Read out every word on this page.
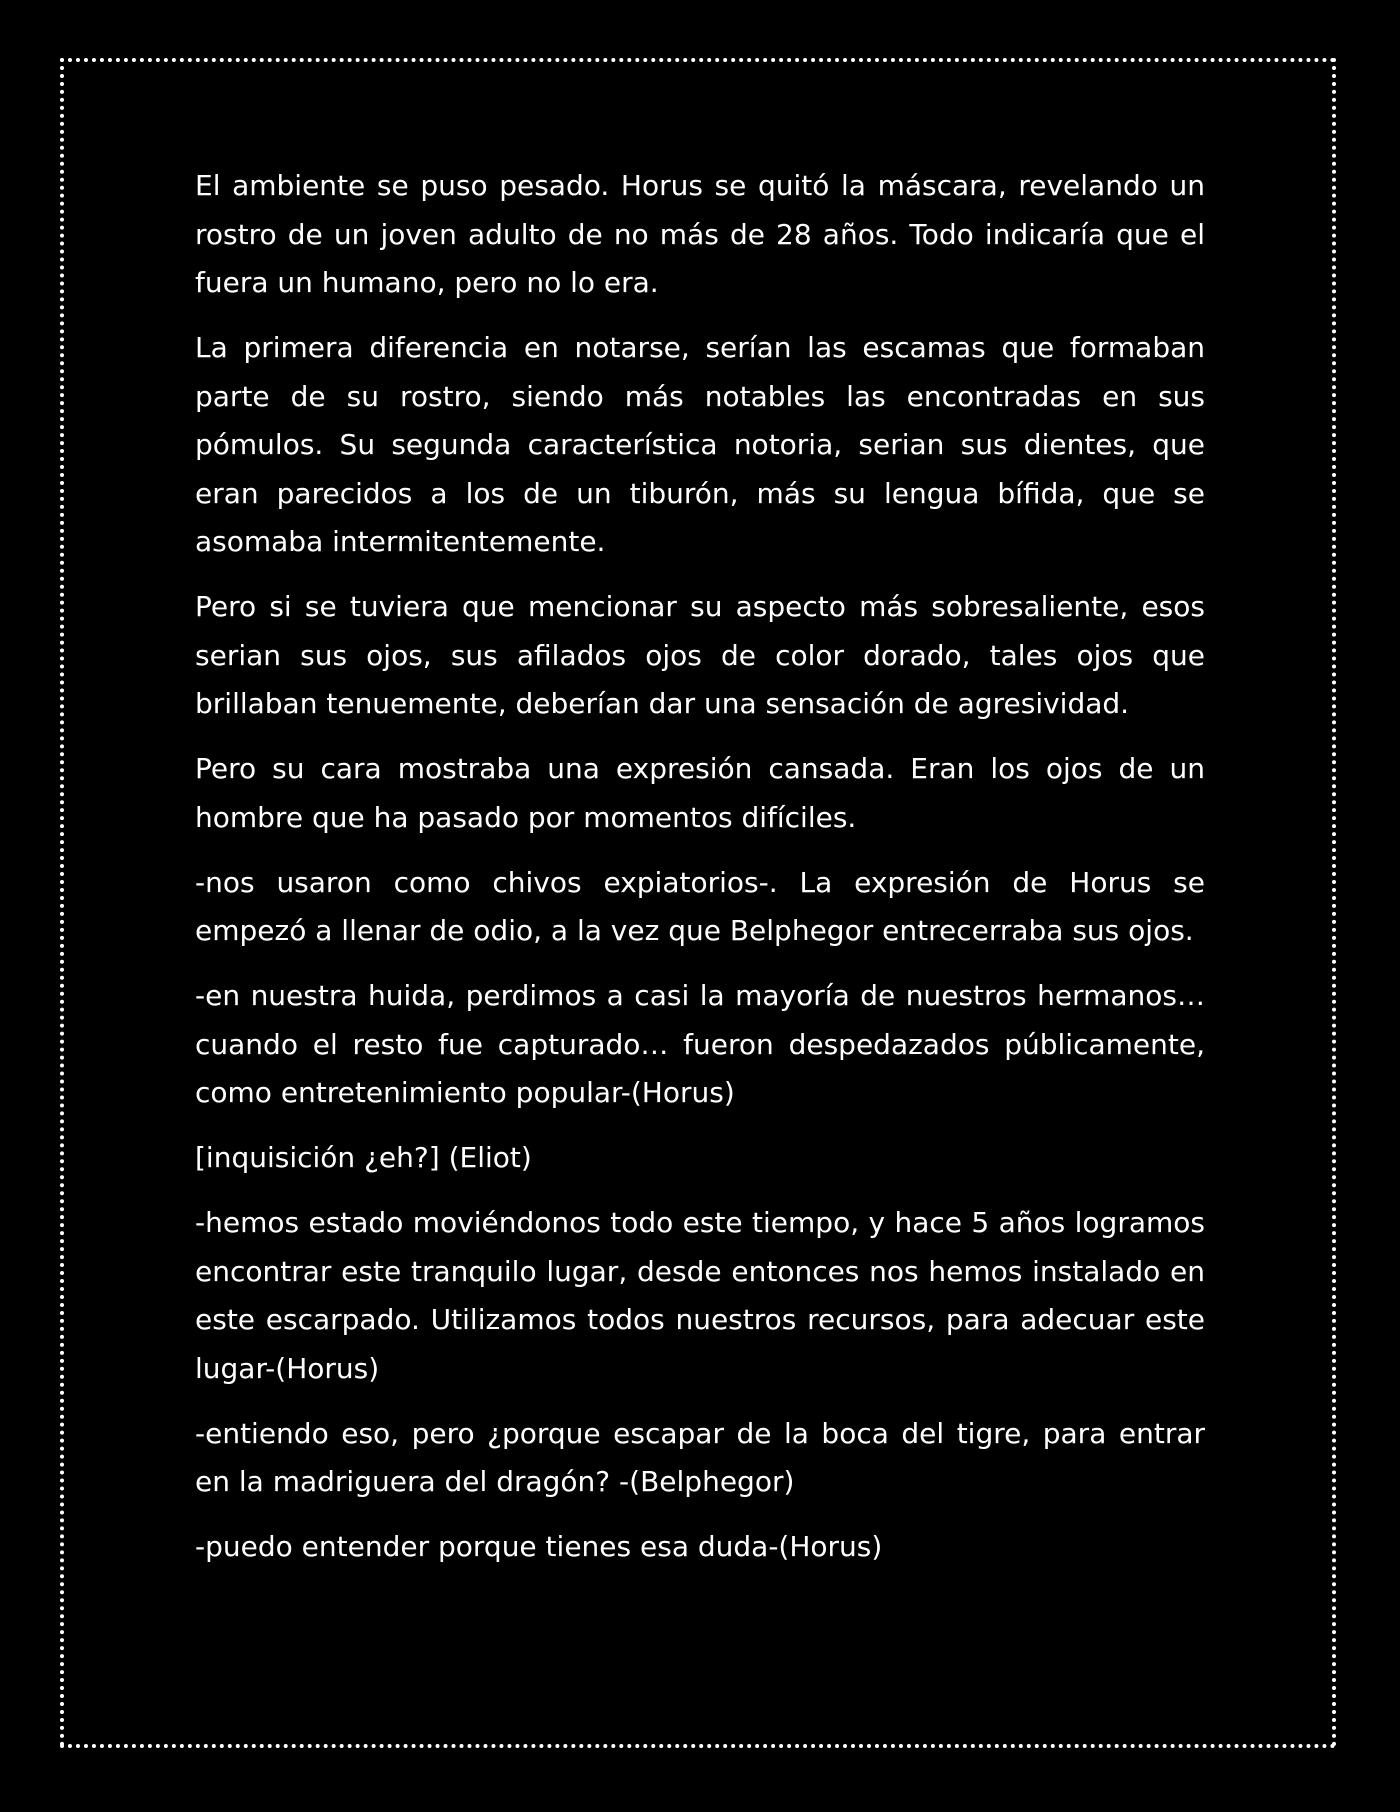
El ambiente se puso pesado. Horus se quitó la máscara, revelando un rostro de un joven adulto de no más de 28 años. Todo indicaría que el fuera un humano, pero no lo era.

La primera diferencia en notarse, serían las escamas que formaban parte de su rostro, siendo más notables las encontradas en sus pómulos. Su segunda característica notoria, serian sus dientes, que eran parecidos a los de un tiburón, más su lengua bífida, que se asomaba intermitentemente.

Pero si se tuviera que mencionar su aspecto más sobresaliente, esos serian sus ojos, sus afilados ojos de color dorado, tales ojos que brillaban tenuemente, deberían dar una sensación de agresividad.

Pero su cara mostraba una expresión cansada. Eran los ojos de un hombre que ha pasado por momentos difíciles.

-nos usaron como chivos expiatorios-. La expresión de Horus se empezó a llenar de odio, a la vez que Belphegor entrecerraba sus ojos.

-en nuestra huida, perdimos a casi la mayoría de nuestros hermanos… cuando el resto fue capturado… fueron despedazados públicamente, como entretenimiento popular-(Horus)

[inquisición ¿eh?] (Eliot)

-hemos estado moviéndonos todo este tiempo, y hace 5 años logramos encontrar este tranquilo lugar, desde entonces nos hemos instalado en este escarpado. Utilizamos todos nuestros recursos, para adecuar este lugar-(Horus)

-entiendo eso, pero ¿porque escapar de la boca del tigre, para entrar en la madriguera del dragón? -(Belphegor)

-puedo entender porque tienes esa duda-(Horus)
